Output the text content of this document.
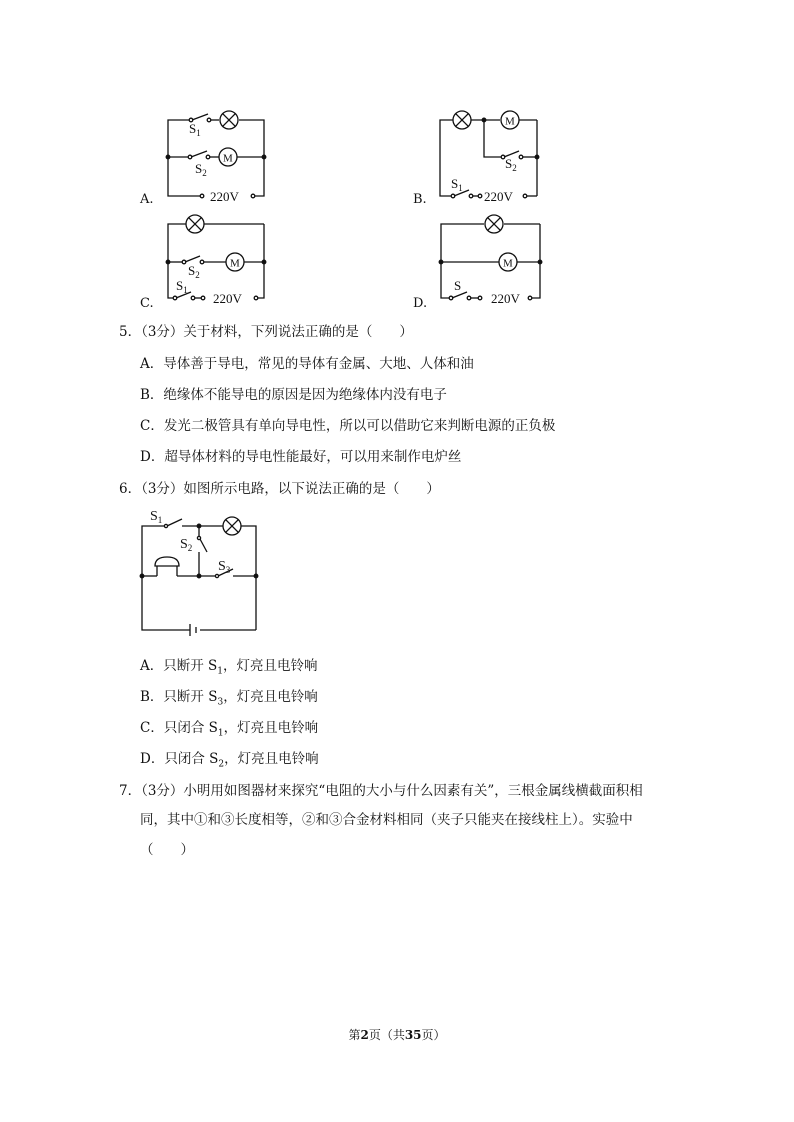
A.	B.
C.	D.
$S_1$
$S_2$
M
220V
M
$S_2$
$S_1$
220V
M
$S_2$
$S_1$
220V
M
S
220V
5．（3分）关于材料，下列说法正确的是（　　）
A．导体善于导电，常见的导体有金属、大地、人体和油
B．绝缘体不能导电的原因是因为绝缘体内没有电子
C．发光二极管具有单向导电性，所以可以借助它来判断电源的正负极
D．超导体材料的导电性能最好，可以用来制作电炉丝
6．（3分）如图所示电路，以下说法正确的是（　　）
$S_1$
$S_2$
$S_3$
A．只断开 $S_1$，灯亮且电铃响
B．只断开 $S_3$，灯亮且电铃响
C．只闭合 $S_1$，灯亮且电铃响
D．只闭合 $S_2$，灯亮且电铃响
7．（3分）小明用如图器材来探究“电阻的大小与什么因素有关”，三根金属线横截面积相
同，其中①和③长度相等，②和③合金材料相同（夹子只能夹在接线柱上）。实验中
（　　）
第2页（共35页）
